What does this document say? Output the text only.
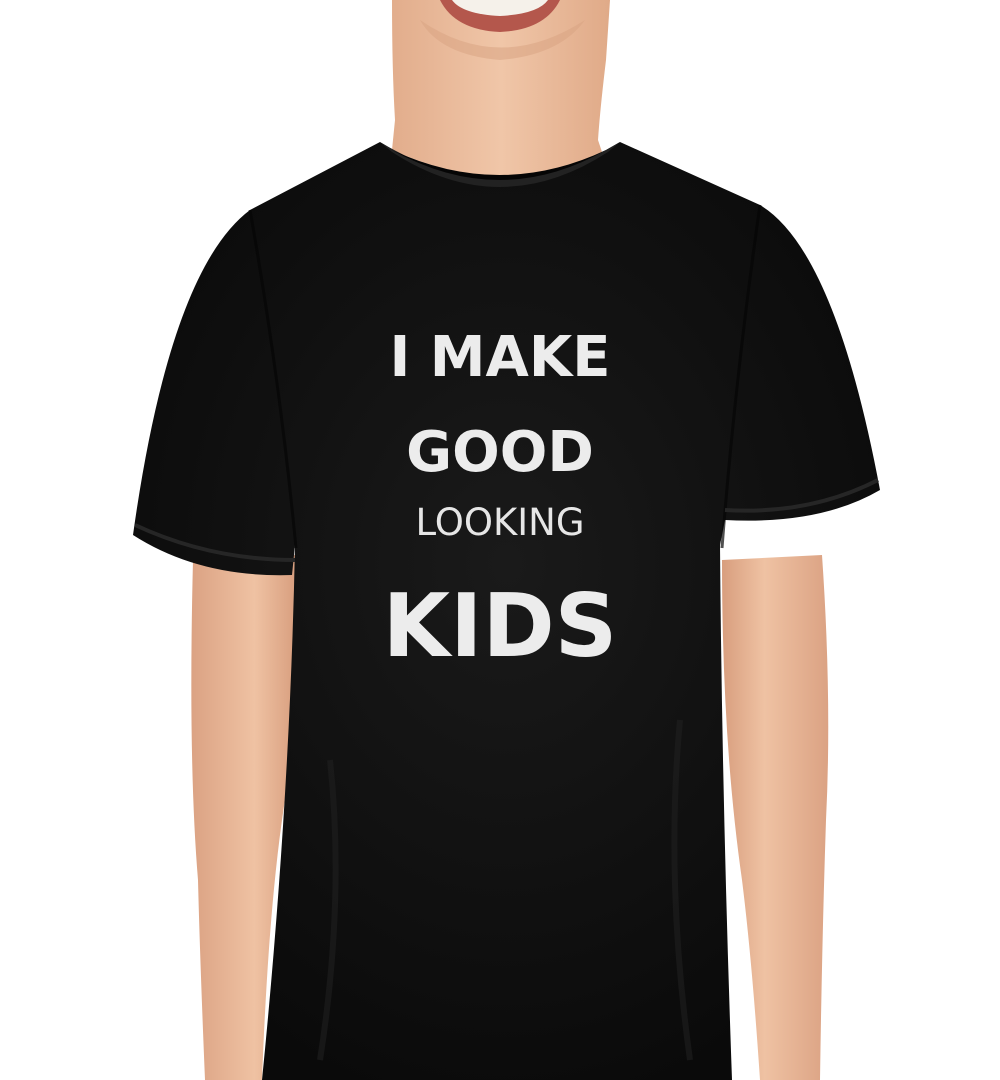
I MAKE
GOOD
LOOKING
KIDS
